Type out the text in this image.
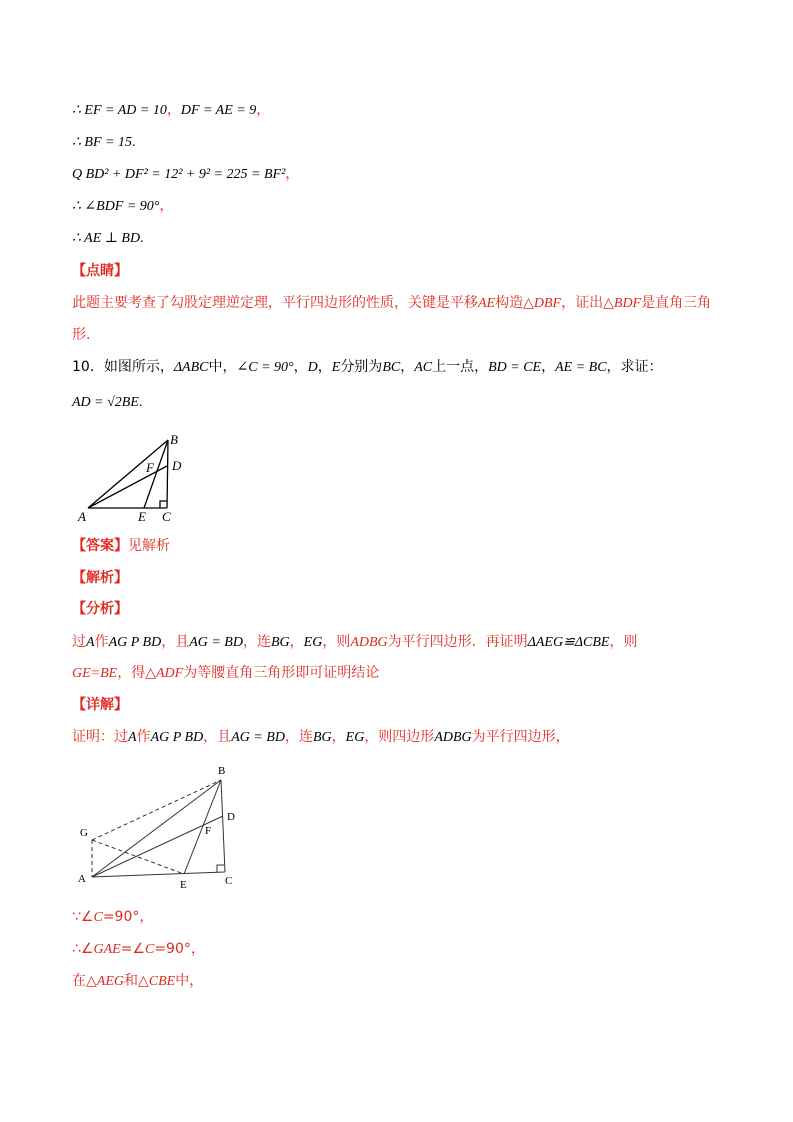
∴ EF = AD = 10，DF = AE = 9，
∴ BF = 15.
Q BD² + DF² = 12² + 9² = 225 = BF²，
∴ ∠BDF = 90°，
∴ AE ⊥ BD.
【点睛】
此题主要考查了勾股定理逆定理，平行四边形的性质，关键是平移AE构造△DBF，证出△BDF是直角三角
形.
10．如图所示，ΔABC中，∠C = 90°，D，E分别为BC，AC上一点，BD = CE，AE = BC，求证：
AD = √2BE.
B
D
F
A	E C
【答案】见解析
【解析】
【分析】
过A作AG P BD，且AG = BD，连BG，EG，则ADBG为平行四边形．再证明ΔAEG≌ΔCBE，则
GE=BE，得△ADF为等腰直角三角形即可证明结论
【详解】
证明：过A作AG P BD，且AG = BD，连BG，EG，则四边形ADBG为平行四边形，
B
D
F
G
A	E	C
∵∠C=90°，
∴∠GAE=∠C=90°，
在△AEG和△CBE中，
